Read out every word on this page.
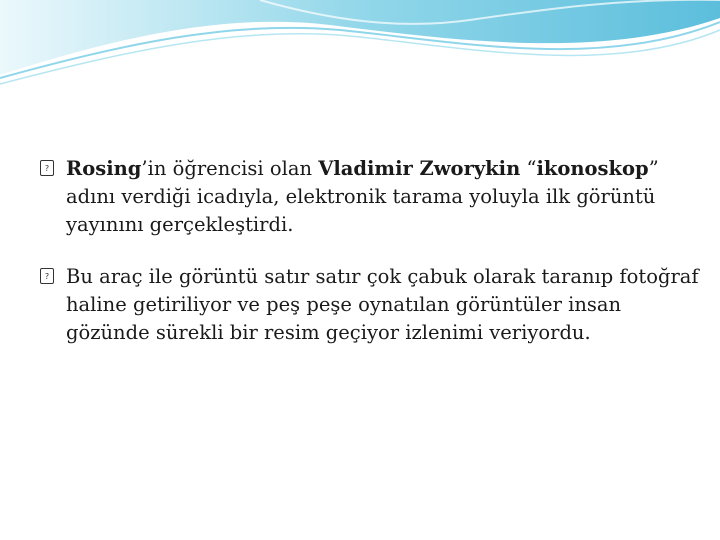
? Rosing’in öğrencisi olan Vladimir Zworykin “ikonoskop” adını verdiği icadıyla, elektronik tarama yoluyla ilk görüntü yayınını gerçekleştirdi.
? Bu araç ile görüntü satır satır çok çabuk olarak taranıp fotoğraf haline getiriliyor ve peş peşe oynatılan görüntüler insan gözünde sürekli bir resim geçiyor izlenimi veriyordu.
